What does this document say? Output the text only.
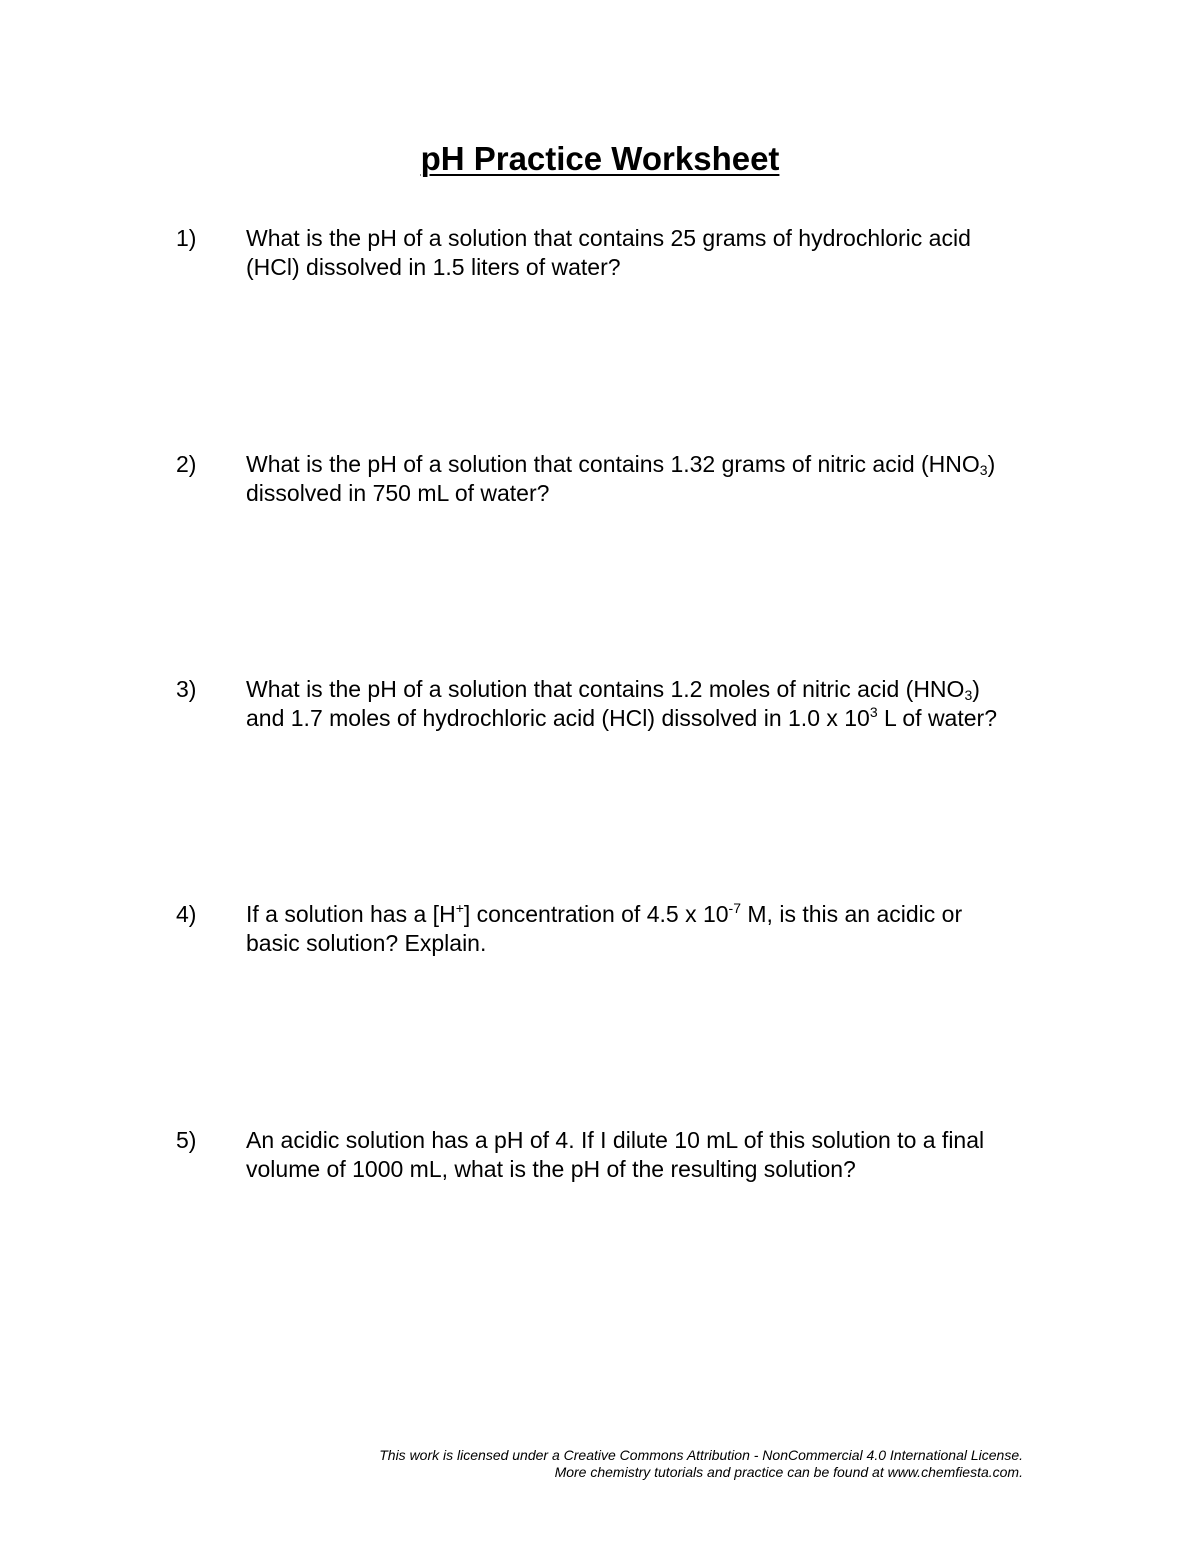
pH Practice Worksheet
1) What is the pH of a solution that contains 25 grams of hydrochloric acid
(HCl) dissolved in 1.5 liters of water?
2) What is the pH of a solution that contains 1.32 grams of nitric acid $(HNO_3)$
dissolved in 750 mL of water?
3) What is the pH of a solution that contains 1.2 moles of nitric acid $(HNO_3)$
and 1.7 moles of hydrochloric acid (HCl) dissolved in 1.0 x $10^3$ L of water?
4) If a solution has a [H+] concentration of 4.5 x $10^{-7}$ M, is this an acidic or
basic solution? Explain.
5) An acidic solution has a pH of 4. If I dilute 10 mL of this solution to a final
volume of 1000 mL, what is the pH of the resulting solution?
This work is licensed under a Creative Commons Attribution - NonCommercial 4.0 International License.
More chemistry tutorials and practice can be found at www.chemfiesta.com.
